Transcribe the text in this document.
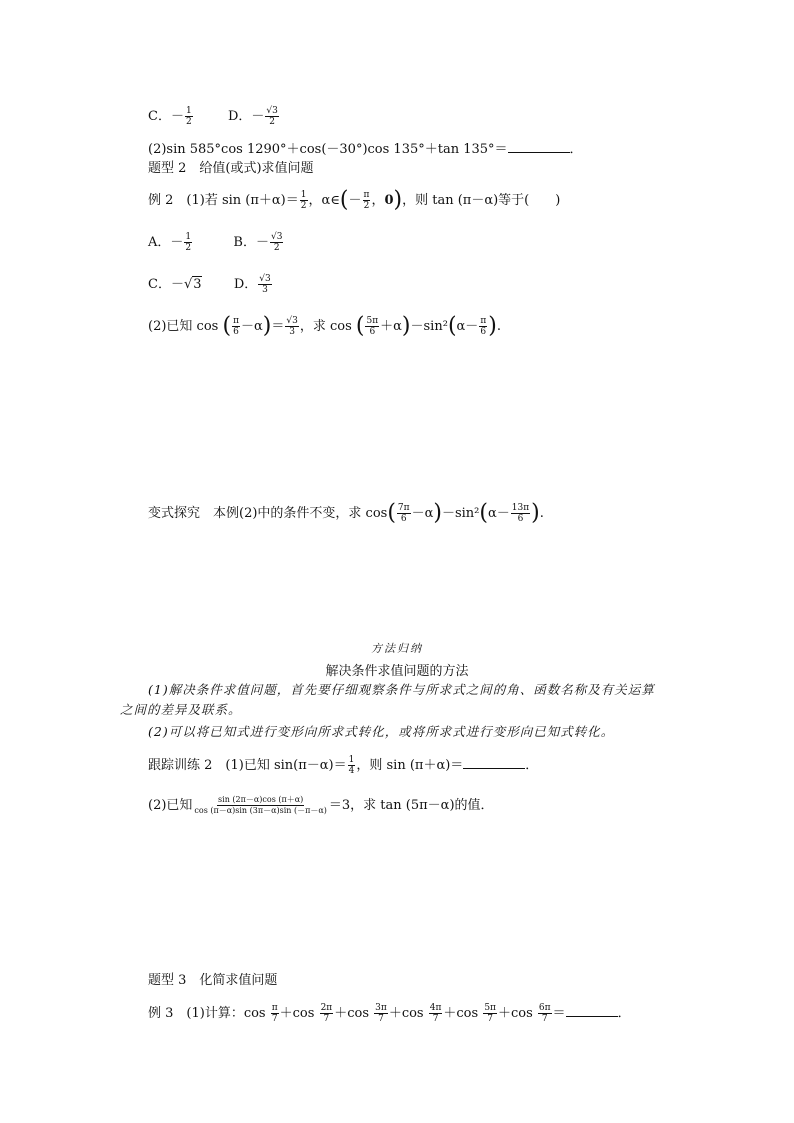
C．－ $\frac{1}{2}$	D．－ $\frac{√3}{2}$
(2)sin 585°cos 1290°＋cos(－30°)cos 135°＋tan 135°＝	．
题型 2　给值(或式)求值问题
例 2　(1)若 $\sin (\pi+\alpha)= \frac{1}{2}$ ，α∈(－ $\frac{\pi}{2}$ ，0)，则 tan (π－α)等于(　　)
A．－ $\frac{1}{2}$	B．－ $\frac{√3}{2}$
C．－√3 D． $\frac{√3}{3}$
(2)已知 cos ( $\frac{\pi}{6} -\alpha)= \frac{√3}{3}$ ，求 cos ( $\frac{5\pi}{6} +\alpha)-\sin^2(\alpha- \frac{\pi}{6}$ ).
变式探究　本例(2)中的条件不变，求 $\cos( \frac{7\pi}{6} -\alpha)-\sin^2(\alpha- \frac{13\pi}{6}$ ).
方法归纳
解决条件求值问题的方法
(1)解决条件求值问题，首先要仔细观察条件与所求式之间的角、函数名称及有关运算
之间的差异及联系。
(2)可以将已知式进行变形向所求式转化，或将所求式进行变形向已知式转化。
跟踪训练 2　(1)已知 $\sin(\pi-\alpha)= \frac{1}{4}$ ，则 sin (π＋α)＝	．
(2)已知 $\frac{\sin (2\pi-\alpha)\cos (\pi+\alpha)}{\cos (\pi-\alpha)\sin (3\pi-\alpha)\sin (-\pi-\alpha)} =3$，求 tan (5π－α)的值．
题型 3　化简求值问题
例 3　(1)计算：$\cos \frac{\pi}{7} +\cos \frac{2\pi}{7} +\cos \frac{3\pi}{7} +\cos \frac{4\pi}{7} +\cos \frac{5\pi}{7} +\cos \frac{6\pi}{7}$ ＝	．
